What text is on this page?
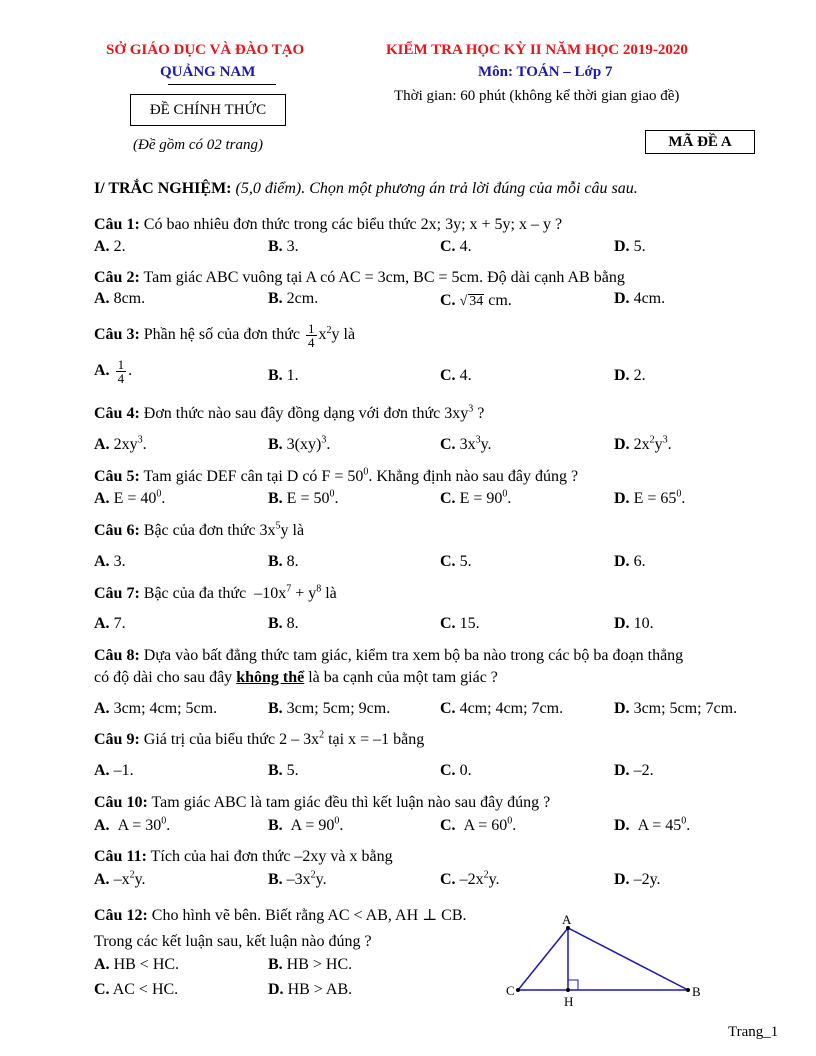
SỞ GIÁO DỤC VÀ ĐÀO TẠO
QUẢNG NAM
ĐỀ CHÍNH THỨC
(Đề gồm có 02 trang)
KIỂM TRA HỌC KỲ II NĂM HỌC 2019-2020
Môn: TOÁN – Lớp 7
Thời gian: 60 phút (không kể thời gian giao đề)
MÃ ĐỀ A
I/ TRẮC NGHIỆM: (5,0 điểm). Chọn một phương án trả lời đúng của mỗi câu sau.
Câu 1: Có bao nhiêu đơn thức trong các biểu thức 2x; 3y; x + 5y; x – y ?
A. 2.	B. 3.	C. 4.	D. 5.
Câu 2: Tam giác ABC vuông tại A có AC = 3cm, BC = 5cm. Độ dài cạnh AB bằng
A. 8cm.	B. 2cm.	C. √ 34 cm.	D. 4cm.
Câu 3: Phần hệ số của đơn thức $\frac{1}{4} x^2y$ là
A. $\frac{1}{4}$ .	B. 1.	C. 4.	D. 2.
Câu 4: Đơn thức nào sau đây đồng dạng với đơn thức $3xy^3$ ?
A. $2xy^3$.	B. 3(xy)$^3$.	C. $3x^3y$.	D. $2x^2y^3$.
Câu 5: Tam giác DEF cân tại D có $F = 50^0$. Khẳng định nào sau đây đúng ?
A. $E = 40^0$.	B. $E = 50^0$.	C. $E = 90^0$.	D. $E = 65^0$.
Câu 6: Bậc của đơn thức $3x^5y$ là
A. 3.	B. 8.	C. 5.	D. 6.
Câu 7: Bậc của đa thức  $-10x^7 + y^8$ là
A. 7.	B. 8.	C. 15.	D. 10.
Câu 8: Dựa vào bất đẳng thức tam giác, kiểm tra xem bộ ba nào trong các bộ ba đoạn thẳng
có độ dài cho sau đây không thể là ba cạnh của một tam giác ?
A. 3cm; 4cm; 5cm.	B. 3cm; 5cm; 9cm.	C. 4cm; 4cm; 7cm.	D. 3cm; 5cm; 7cm.
Câu 9: Giá trị của biểu thức $2 - 3x^2$ tại x = –1 bằng
A. –1.	B. 5.	C. 0.	D. –2.
Câu 10: Tam giác ABC là tam giác đều thì kết luận nào sau đây đúng ?
A.  $A = 30^0$.	B.  $A = 90^0$.	C.  $A = 60^0$.	D.  $A = 45^0$.
Câu 11: Tích của hai đơn thức –2xy và x bằng
A. $-x^2y$.	B. $-3x^2y$.	C. $-2x^2y$.	D. –2y.
Câu 12: Cho hình vẽ bên. Biết rằng AC < AB, AH ⊥ CB.
Trong các kết luận sau, kết luận nào đúng ?
A. HB < HC.	B. HB > HC.
C. AC < HC.	D. HB > AB.
A
C	B
H
Trang_1
